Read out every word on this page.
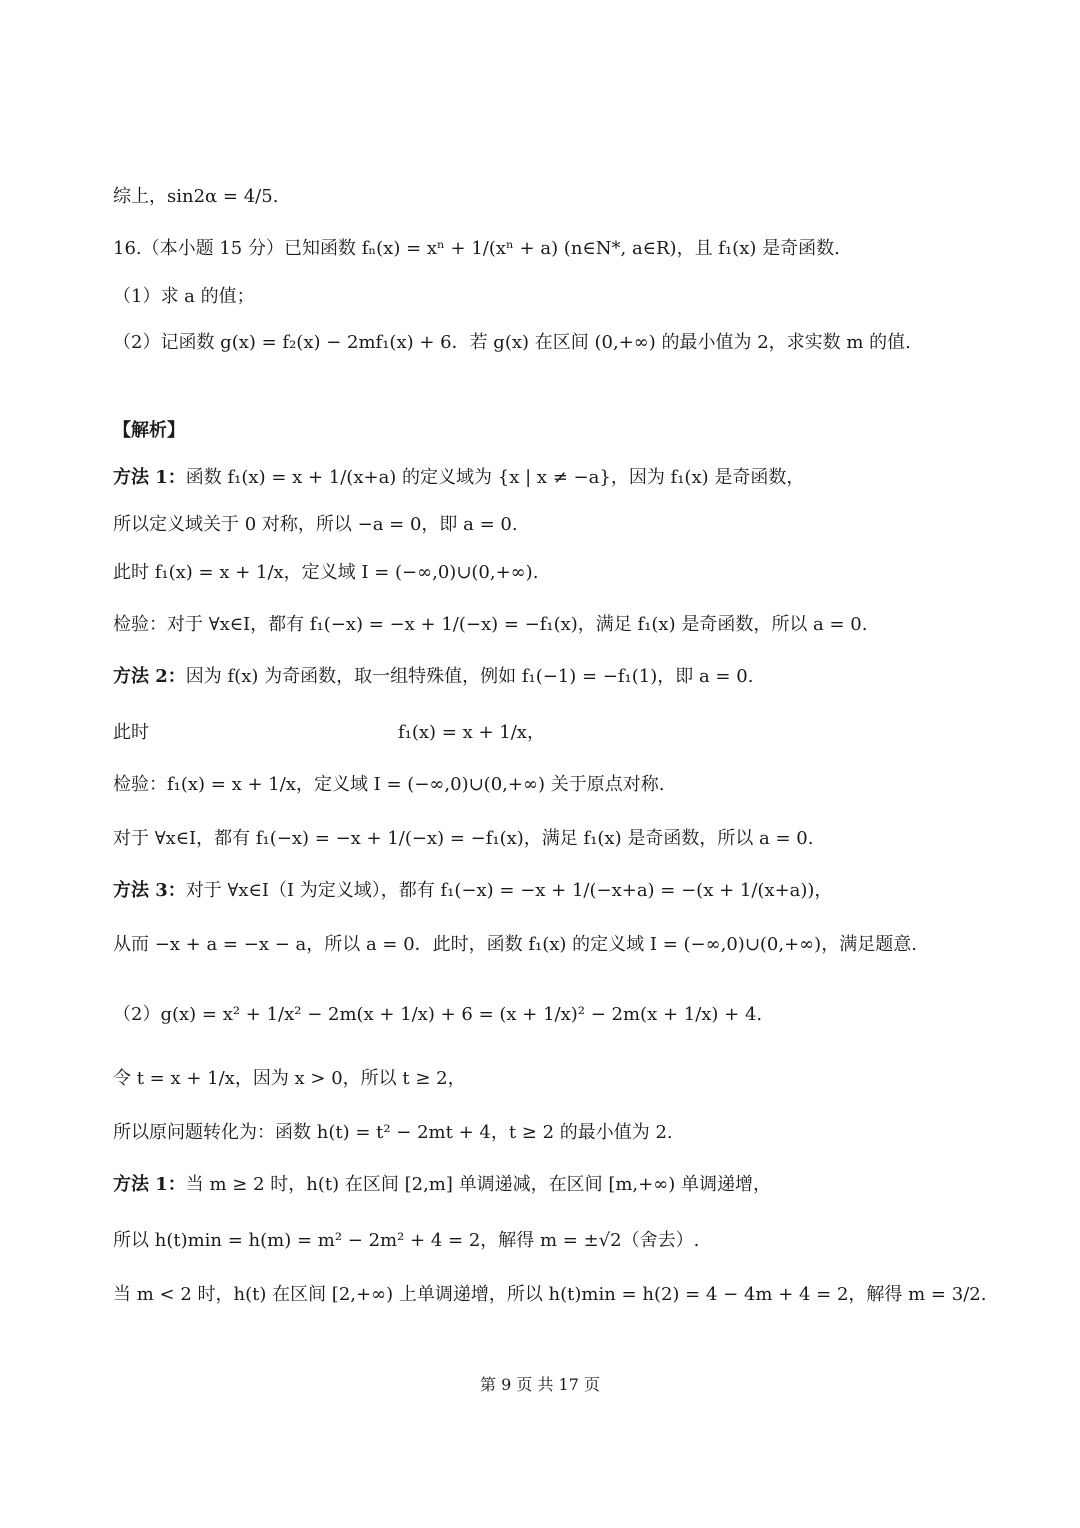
综上，sin2α = 4/5.
16.（本小题 15 分）已知函数 fₙ(x) = xⁿ + 1/(xⁿ + a) (n∈N*, a∈R)，且 f₁(x) 是奇函数.
（1）求 a 的值；
（2）记函数 g(x) = f₂(x) − 2mf₁(x) + 6．若 g(x) 在区间 (0,+∞) 的最小值为 2，求实数 m 的值.
【解析】
方法 1：函数 f₁(x) = x + 1/(x+a) 的定义域为 {x | x ≠ −a}，因为 f₁(x) 是奇函数，
所以定义域关于 0 对称，所以 −a = 0，即 a = 0.
此时 f₁(x) = x + 1/x，定义域 I = (−∞,0)∪(0,+∞).
检验：对于 ∀x∈I，都有 f₁(−x) = −x + 1/(−x) = −f₁(x)，满足 f₁(x) 是奇函数，所以 a = 0.
方法 2：因为 f(x) 为奇函数，取一组特殊值，例如 f₁(−1) = −f₁(1)，即 a = 0.
此时	f₁(x) = x + 1/x，
检验：f₁(x) = x + 1/x，定义域 I = (−∞,0)∪(0,+∞) 关于原点对称.
对于 ∀x∈I，都有 f₁(−x) = −x + 1/(−x) = −f₁(x)，满足 f₁(x) 是奇函数，所以 a = 0.
方法 3：对于 ∀x∈I（I 为定义域），都有 f₁(−x) = −x + 1/(−x+a) = −(x + 1/(x+a))，
从而 −x + a = −x − a，所以 a = 0．此时，函数 f₁(x) 的定义域 I = (−∞,0)∪(0,+∞)，满足题意.
（2）g(x) = x² + 1/x² − 2m(x + 1/x) + 6 = (x + 1/x)² − 2m(x + 1/x) + 4.
令 t = x + 1/x，因为 x > 0，所以 t ≥ 2，
所以原问题转化为：函数 h(t) = t² − 2mt + 4，t ≥ 2 的最小值为 2.
方法 1：当 m ≥ 2 时，h(t) 在区间 [2,m] 单调递减，在区间 [m,+∞) 单调递增，
所以 h(t)min = h(m) = m² − 2m² + 4 = 2，解得 m = ±√2（舍去）.
当 m < 2 时，h(t) 在区间 [2,+∞) 上单调递增，所以 h(t)min = h(2) = 4 − 4m + 4 = 2，解得 m = 3/2.
第 9 页 共 17 页
